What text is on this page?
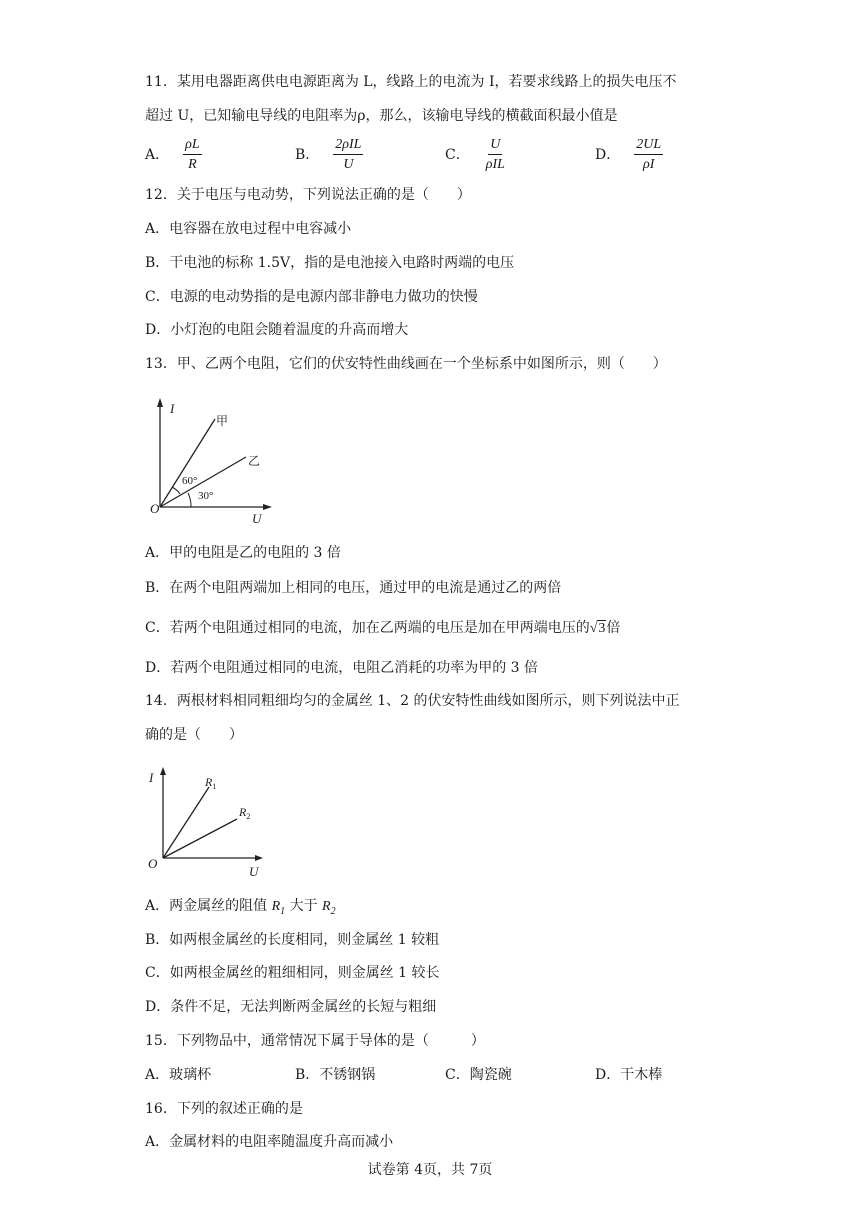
11．某用电器距离供电电源距离为 L，线路上的电流为 I，若要求线路上的损失电压不
超过 U，已知输电导线的电阻率为ρ，那么，该输电导线的横截面积最小值是
A． $\frac{\rho L}{R}$	B． $\frac{\text{2ρIL}}{U}$	C． $\frac{U}{\text{ρIL}}$	D． $\frac{2UL}{\rho I}$
12．关于电压与电动势，下列说法正确的是（　　）
A．电容器在放电过程中电容减小
B．干电池的标称 1.5V，指的是电池接入电路时两端的电压
C．电源的电动势指的是电源内部非静电力做功的快慢
D．小灯泡的电阻会随着温度的升高而增大
13．甲、乙两个电阻，它们的伏安特性曲线画在一个坐标系中如图所示，则（　　）
I
甲
乙
60°
30°
O
U
A．甲的电阻是乙的电阻的 3 倍
B．在两个电阻两端加上相同的电压，通过甲的电流是通过乙的两倍
C．若两个电阻通过相同的电流，加在乙两端的电压是加在甲两端电压的√3倍
D．若两个电阻通过相同的电流，电阻乙消耗的功率为甲的 3 倍
14．两根材料相同粗细均匀的金属丝 1、2 的伏安特性曲线如图所示，则下列说法中正
确的是（　　）
I	$R_1$
$R_2$
O
U
A．两金属丝的阻值 $R_1$ 大于 $R_2$
B．如两根金属丝的长度相同，则金属丝 1 较粗
C．如两根金属丝的粗细相同，则金属丝 1 较长
D．条件不足，无法判断两金属丝的长短与粗细
15．下列物品中，通常情况下属于导体的是（　　　）
A．玻璃杯	B．不锈钢锅	C．陶瓷碗	D．干木棒
16．下列的叙述正确的是
A．金属材料的电阻率随温度升高而减小
试卷第 4页，共 7页
